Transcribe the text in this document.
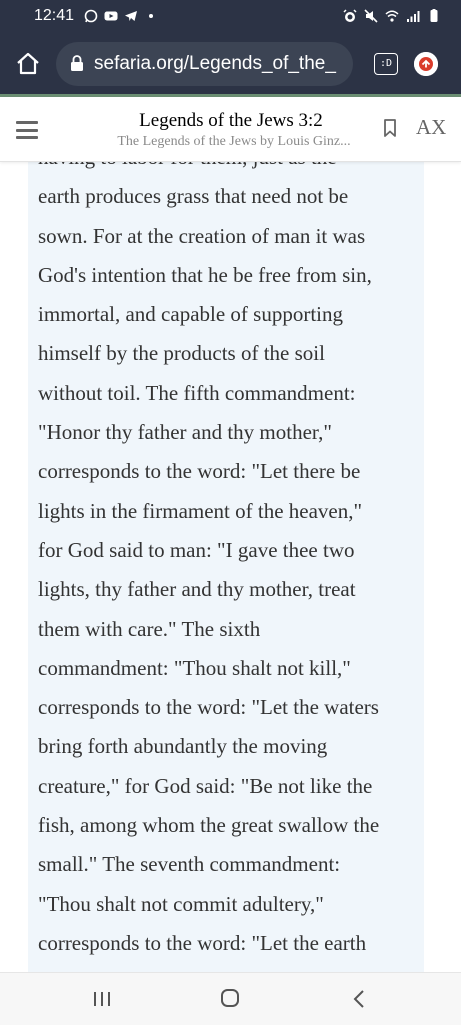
12:41
sefaria.org/Legends_of_the_	:D
Legends of the Jews 3:2
The Legends of the Jews by Louis Ginz...
AX
earth produces grass that need not be
sown. For at the creation of man it was
God's intention that he be free from sin,
immortal, and capable of supporting
himself by the products of the soil
without toil. The fifth commandment:
"Honor thy father and thy mother,"
corresponds to the word: "Let there be
lights in the firmament of the heaven,"
for God said to man: "I gave thee two
lights, thy father and thy mother, treat
them with care." The sixth
commandment: "Thou shalt not kill,"
corresponds to the word: "Let the waters
bring forth abundantly the moving
creature," for God said: "Be not like the
fish, among whom the great swallow the
small." The seventh commandment:
"Thou shalt not commit adultery,"
corresponds to the word: "Let the earth
